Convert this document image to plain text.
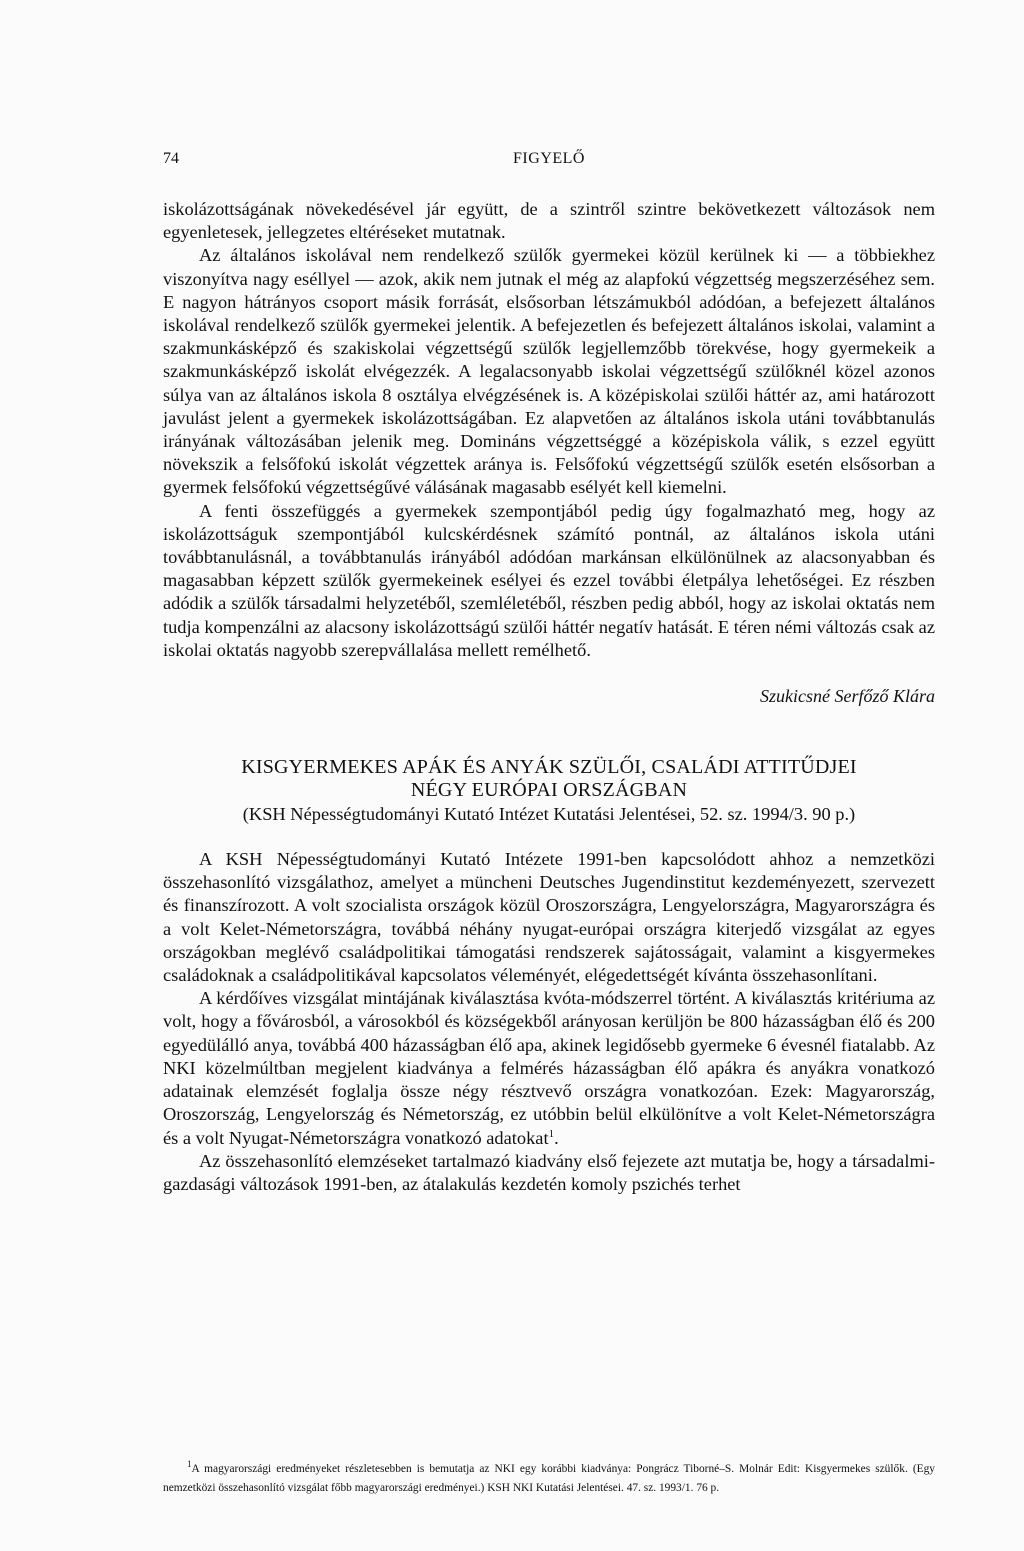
74	FIGYELŐ

iskolázottságának növekedésével jár együtt, de a szintről szintre bekövetkezett változások nem egyenletesek, jellegzetes eltéréseket mutatnak.

Az általános iskolával nem rendelkező szülők gyermekei közül kerülnek ki — a többiekhez viszonyítva nagy eséllyel — azok, akik nem jutnak el még az alapfokú végzettség megszerzéséhez sem. E nagyon hátrányos csoport másik forrását, elsősorban létszámukból adódóan, a befejezett általános iskolával rendelkező szülők gyermekei jelentik. A befejezetlen és befejezett általános iskolai, valamint a szakmunkásképző és szakiskolai végzettségű szülők legjellemzőbb törekvése, hogy gyermekeik a szakmunkásképző iskolát elvégezzék. A legalacsonyabb iskolai végzettségű szülőknél közel azonos súlya van az általános iskola 8 osztálya elvégzésének is. A középiskolai szülői háttér az, ami határozott javulást jelent a gyermekek iskolázottságában. Ez alapvetően az általános iskola utáni továbbtanulás irányának változásában jelenik meg. Domináns végzettséggé a középiskola válik, s ezzel együtt növekszik a felsőfokú iskolát végzettek aránya is. Felsőfokú végzettségű szülők esetén elsősorban a gyermek felsőfokú végzettségűvé válásának magasabb esélyét kell kiemelni.

A fenti összefüggés a gyermekek szempontjából pedig úgy fogalmazható meg, hogy az iskolázottságuk szempontjából kulcskérdésnek számító pontnál, az általános iskola utáni továbbtanulásnál, a továbbtanulás irányából adódóan markánsan elkülönülnek az alacsonyabban és magasabban képzett szülők gyermekeinek esélyei és ezzel további életpálya lehetőségei. Ez részben adódik a szülők társadalmi helyzetéből, szemléletéből, részben pedig abból, hogy az iskolai oktatás nem tudja kompenzálni az alacsony iskolázottságú szülői háttér negatív hatását. E téren némi változás csak az iskolai oktatás nagyobb szerepvállalása mellett remélhető.

Szukicsné Serfőző Klára
KISGYERMEKES APÁK ÉS ANYÁK SZÜLŐI, CSALÁDI ATTITŰDJEI
NÉGY EURÓPAI ORSZÁGBAN
(KSH Népességtudományi Kutató Intézet Kutatási Jelentései, 52. sz. 1994/3. 90 p.)

A KSH Népességtudományi Kutató Intézete 1991-ben kapcsolódott ahhoz a nemzetközi összehasonlító vizsgálathoz, amelyet a müncheni Deutsches Jugendinstitut kezdeményezett, szervezett és finanszírozott. A volt szocialista országok közül Oroszországra, Lengyelországra, Magyarországra és a volt Kelet-Németországra, továbbá néhány nyugat-európai országra kiterjedő vizsgálat az egyes országokban meglévő családpolitikai támogatási rendszerek sajátosságait, valamint a kisgyermekes családoknak a családpolitikával kapcsolatos véleményét, elégedettségét kívánta összehasonlítani.

A kérdőíves vizsgálat mintájának kiválasztása kvóta-módszerrel történt. A kiválasztás kritériuma az volt, hogy a fővárosból, a városokból és községekből arányosan kerüljön be 800 házasságban élő és 200 egyedülálló anya, továbbá 400 házasságban élő apa, akinek legidősebb gyermeke 6 évesnél fiatalabb. Az NKI közelmúltban megjelent kiadványa a felmérés házasságban élő apákra és anyákra vonatkozó adatainak elemzését foglalja össze négy résztvevő országra vonatkozóan. Ezek: Magyarország, Oroszország, Lengyelország és Németország, ez utóbbin belül elkülönítve a volt Kelet-Németországra és a volt Nyugat-Németországra vonatkozó adatokat$^1$.

Az összehasonlító elemzéseket tartalmazó kiadvány első fejezete azt mutatja be, hogy a társadalmi-gazdasági változások 1991-ben, az átalakulás kezdetén komoly pszichés terhet

$^1$A magyarországi eredményeket részletesebben is bemutatja az NKI egy korábbi kiadványa: Pongrácz Tiborné–S. Molnár Edit: Kisgyermekes szülők. (Egy nemzetközi összehasonlító vizsgálat főbb magyarországi eredményei.) KSH NKI Kutatási Jelentései. 47. sz. 1993/1. 76 p.
